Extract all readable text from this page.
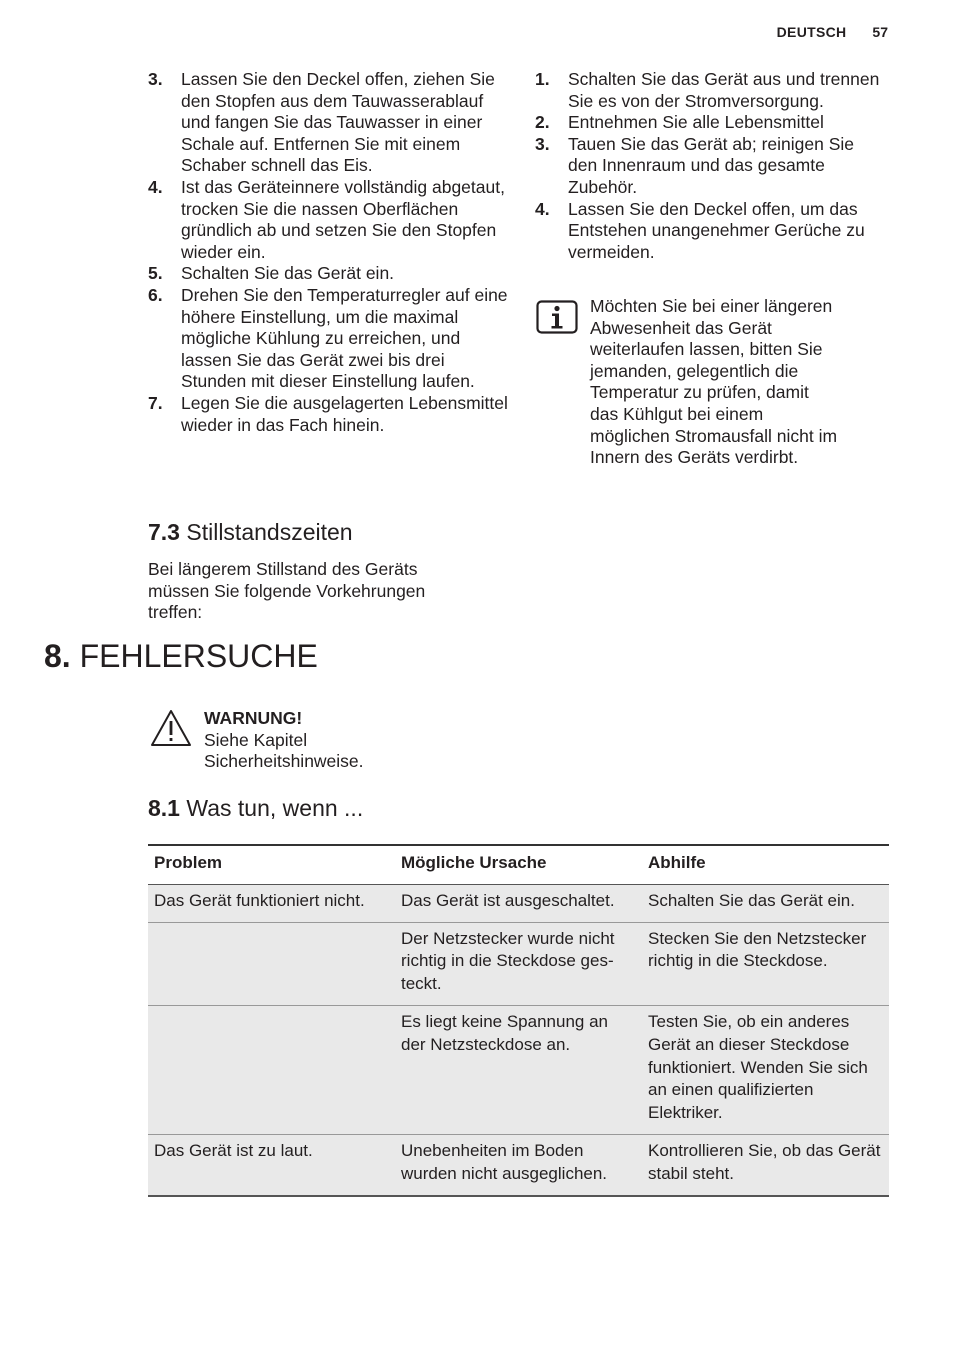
DEUTSCH 57
3.	Lassen Sie den Deckel offen, ziehen Sie den Stopfen aus dem Tauwasserablauf und fangen Sie das Tauwasser in einer Schale auf. Entfernen Sie mit einem Schaber schnell das Eis.
4.	Ist das Geräteinnere vollständig abgetaut, trocken Sie die nassen Oberflächen gründlich ab und setzen Sie den Stopfen wieder ein.
5.	Schalten Sie das Gerät ein.
6.	Drehen Sie den Temperaturregler auf eine höhere Einstellung, um die maximal mögliche Kühlung zu erreichen, und lassen Sie das Gerät zwei bis drei Stunden mit dieser Einstellung laufen.
7.	Legen Sie die ausgelagerten Lebensmittel wieder in das Fach hinein.
1.	Schalten Sie das Gerät aus und trennen Sie es von der Stromversorgung.
2.	Entnehmen Sie alle Lebensmittel
3.	Tauen Sie das Gerät ab; reinigen Sie den Innenraum und das gesamte Zubehör.
4.	Lassen Sie den Deckel offen, um das Entstehen unangenehmer Gerüche zu vermeiden.
Möchten Sie bei einer längeren Abwesenheit das Gerät weiterlaufen lassen, bitten Sie jemanden, gelegentlich die Temperatur zu prüfen, damit das Kühlgut bei einem möglichen Stromausfall nicht im Innern des Geräts verdirbt.
7.3 Stillstandszeiten
Bei längerem Stillstand des Geräts müssen Sie folgende Vorkehrungen treffen:
8. FEHLERSUCHE
WARNUNG!
Siehe Kapitel Sicherheitshinweise.
8.1 Was tun, wenn ...
Problem	Mögliche Ursache	Abhilfe
Das Gerät funktioniert nicht.	Das Gerät ist ausgeschaltet.	Schalten Sie das Gerät ein.
	Der Netzstecker wurde nicht richtig in die Steckdose ges- teckt.	Stecken Sie den Netzstecker richtig in die Steckdose.
	Es liegt keine Spannung an der Netzsteckdose an.	Testen Sie, ob ein anderes Gerät an dieser Steckdose funktioniert. Wenden Sie sich an einen qualifizierten Elektriker.
Das Gerät ist zu laut.	Unebenheiten im Boden wurden nicht ausgeglichen.	Kontrollieren Sie, ob das Gerät stabil steht.
